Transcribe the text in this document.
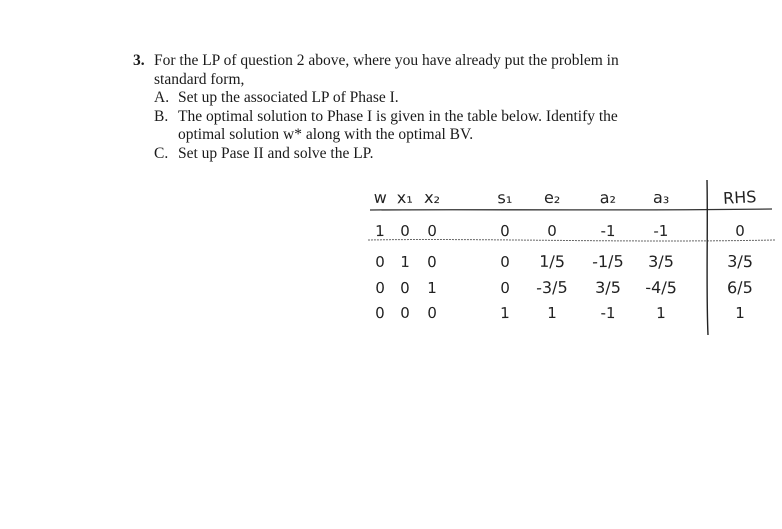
3. For the LP of question 2 above, where you have already put the problem in
standard form,
A. Set up the associated LP of Phase I.
B. The optimal solution to Phase I is given in the table below. Identify the
optimal solution w* along with the optimal BV.
C. Set up Pase II and solve the LP.
w x₁ x₂	s₁ e₂ a₂ a₃	RHS
1 0 0	0 0	-1	-1	0
0 1 0	0 1/5 -1/5 3/5	3/5
0 0 1	0 -3/5 3/5 -4/5	6/5
0 0 0	1 1	-1	1	1
